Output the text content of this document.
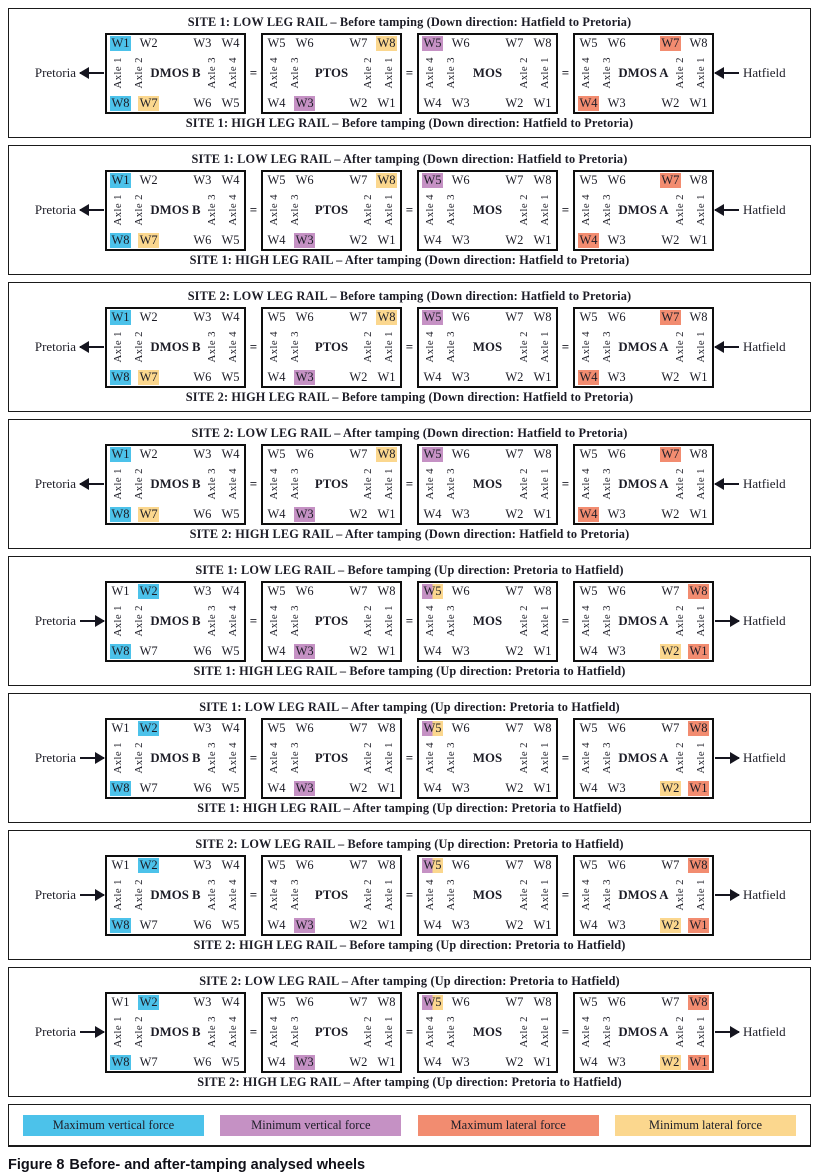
SITE 1: LOW LEG RAIL – Before tamping (Down direction: Hatfield to Pretoria)
Pretoria
W1 W2	W3 W4
Axle 1 Axle 2 DMOS B Axle 3 Axle 4
W8 W7	W6 W5
=
W5 W6	W7 W8
Axle 4 Axle 3	PTOS	Axle 2 Axle 1
W4 W3	W2 W1
=
W5 W6	W7 W8
Axle 4 Axle 3	MOS	Axle 2 Axle 1
W4 W3	W2 W1
=
W5 W6	W7 W8
Axle 4 Axle 3 DMOS A Axle 2 Axle 1
W4 W3	W2 W1
Hatfield
SITE 1: HIGH LEG RAIL – Before tamping (Down direction: Hatfield to Pretoria)
SITE 1: LOW LEG RAIL – After tamping (Down direction: Hatfield to Pretoria)
Pretoria
W1 W2	W3 W4
Axle 1 Axle 2 DMOS B Axle 3 Axle 4
W8 W7	W6 W5
=
W5 W6	W7 W8
Axle 4 Axle 3	PTOS	Axle 2 Axle 1
W4 W3	W2 W1
=
W5 W6	W7 W8
Axle 4 Axle 3	MOS	Axle 2 Axle 1
W4 W3	W2 W1
=
W5 W6	W7 W8
Axle 4 Axle 3 DMOS A Axle 2 Axle 1
W4 W3	W2 W1
Hatfield
SITE 1: HIGH LEG RAIL – After tamping (Down direction: Hatfield to Pretoria)
SITE 2: LOW LEG RAIL – Before tamping (Down direction: Hatfield to Pretoria)
Pretoria
W1 W2	W3 W4
Axle 1 Axle 2 DMOS B Axle 3 Axle 4
W8 W7	W6 W5
=
W5 W6	W7 W8
Axle 4 Axle 3	PTOS	Axle 2 Axle 1
W4 W3	W2 W1
=
W5 W6	W7 W8
Axle 4 Axle 3	MOS	Axle 2 Axle 1
W4 W3	W2 W1
=
W5 W6	W7 W8
Axle 4 Axle 3 DMOS A Axle 2 Axle 1
W4 W3	W2 W1
Hatfield
SITE 2: HIGH LEG RAIL – Before tamping (Down direction: Hatfield to Pretoria)
SITE 2: LOW LEG RAIL – After tamping (Down direction: Hatfield to Pretoria)
Pretoria
W1 W2	W3 W4
Axle 1 Axle 2 DMOS B Axle 3 Axle 4
W8 W7	W6 W5
=
W5 W6	W7 W8
Axle 4 Axle 3	PTOS	Axle 2 Axle 1
W4 W3	W2 W1
=
W5 W6	W7 W8
Axle 4 Axle 3	MOS	Axle 2 Axle 1
W4 W3	W2 W1
=
W5 W6	W7 W8
Axle 4 Axle 3 DMOS A Axle 2 Axle 1
W4 W3	W2 W1
Hatfield
SITE 2: HIGH LEG RAIL – After tamping (Down direction: Hatfield to Pretoria)
SITE 1: LOW LEG RAIL – Before tamping (Up direction: Pretoria to Hatfield)
Pretoria
W1 W2	W3 W4
Axle 1 Axle 2 DMOS B Axle 3 Axle 4
W8 W7	W6 W5
=
W5 W6	W7 W8
Axle 4 Axle 3	PTOS	Axle 2 Axle 1
W4 W3	W2 W1
=
W5 W6	W7 W8
Axle 4 Axle 3	MOS	Axle 2 Axle 1
W4 W3	W2 W1
=
W5 W6	W7 W8
Axle 4 Axle 3 DMOS A Axle 2 Axle 1
W4 W3	W2 W1
Hatfield
SITE 1: HIGH LEG RAIL – Before tamping (Up direction: Pretoria to Hatfield)
SITE 1: LOW LEG RAIL – After tamping (Up direction: Pretoria to Hatfield)
Pretoria
W1 W2	W3 W4
Axle 1 Axle 2 DMOS B Axle 3 Axle 4
W8 W7	W6 W5
=
W5 W6	W7 W8
Axle 4 Axle 3	PTOS	Axle 2 Axle 1
W4 W3	W2 W1
=
W5 W6	W7 W8
Axle 4 Axle 3	MOS	Axle 2 Axle 1
W4 W3	W2 W1
=
W5 W6	W7 W8
Axle 4 Axle 3 DMOS A Axle 2 Axle 1
W4 W3	W2 W1
Hatfield
SITE 1: HIGH LEG RAIL – After tamping (Up direction: Pretoria to Hatfield)
SITE 2: LOW LEG RAIL – Before tamping (Up direction: Pretoria to Hatfield)
Pretoria
W1 W2	W3 W4
Axle 1 Axle 2 DMOS B Axle 3 Axle 4
W8 W7	W6 W5
=
W5 W6	W7 W8
Axle 4 Axle 3	PTOS	Axle 2 Axle 1
W4 W3	W2 W1
=
W5 W6	W7 W8
Axle 4 Axle 3	MOS	Axle 2 Axle 1
W4 W3	W2 W1
=
W5 W6	W7 W8
Axle 4 Axle 3 DMOS A Axle 2 Axle 1
W4 W3	W2 W1
Hatfield
SITE 2: HIGH LEG RAIL – Before tamping (Up direction: Pretoria to Hatfield)
SITE 2: LOW LEG RAIL – After tamping (Up direction: Pretoria to Hatfield)
Pretoria
W1 W2	W3 W4
Axle 1 Axle 2 DMOS B Axle 3 Axle 4
W8 W7	W6 W5
=
W5 W6	W7 W8
Axle 4 Axle 3	PTOS	Axle 2 Axle 1
W4 W3	W2 W1
=
W5 W6	W7 W8
Axle 4 Axle 3	MOS	Axle 2 Axle 1
W4 W3	W2 W1
=
W5 W6	W7 W8
Axle 4 Axle 3 DMOS A Axle 2 Axle 1
W4 W3	W2 W1
Hatfield
SITE 2: HIGH LEG RAIL – After tamping (Up direction: Pretoria to Hatfield)
Maximum vertical force	Minimum vertical force	Maximum lateral force	Minimum lateral force
Figure 8 Before- and after-tamping analysed wheels
